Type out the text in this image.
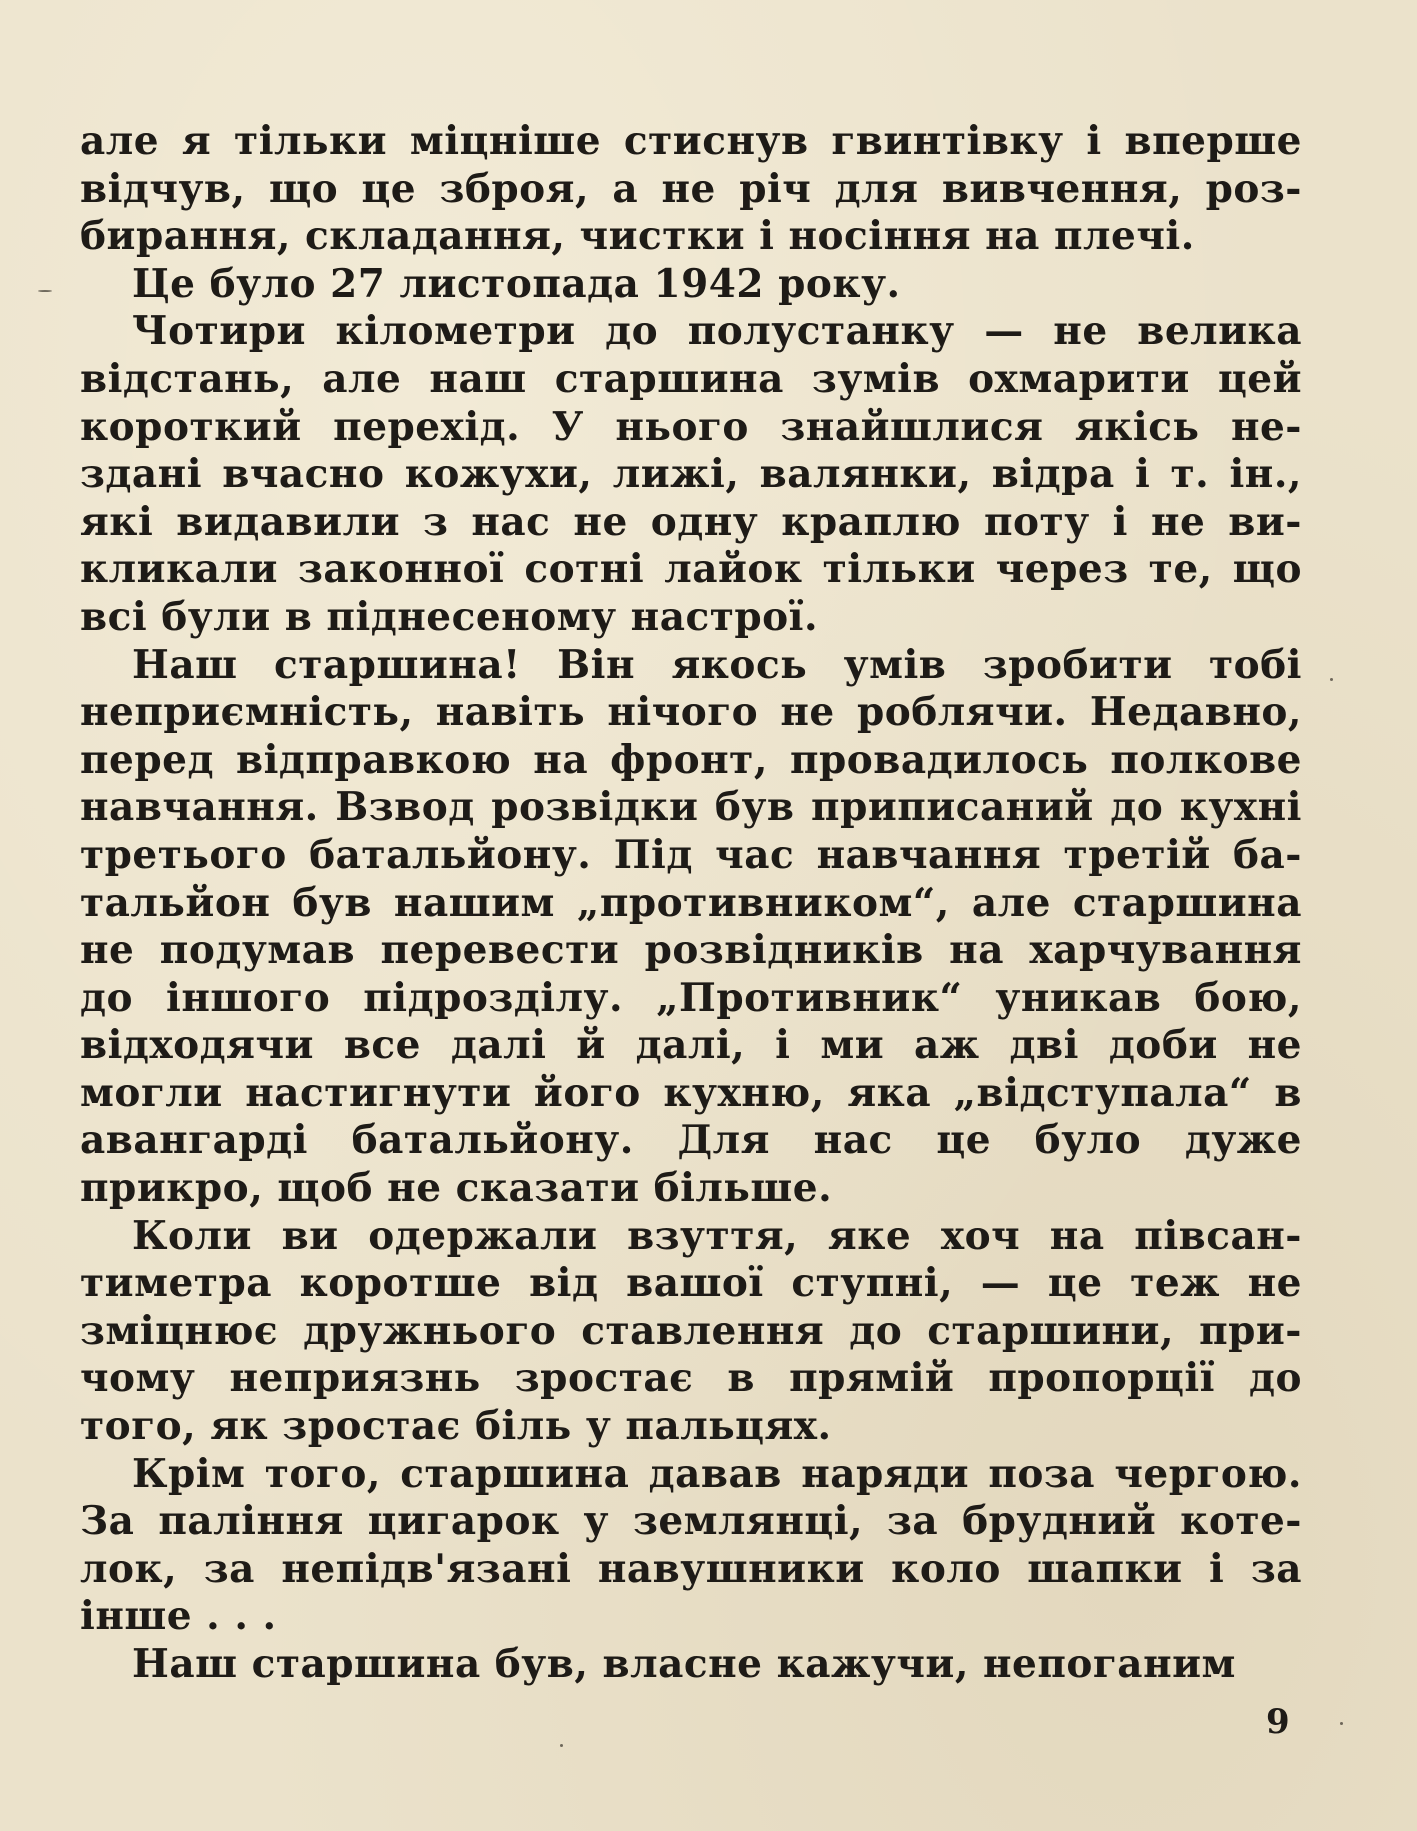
але я тільки міцніше стиснув гвинтівку і вперше
відчув, що це зброя, а не річ для вивчення, роз-
бирання, складання, чистки і носіння на плечі.
Це було 27 листопада 1942 року.
Чотири кілометри до полустанку — не велика
відстань, але наш старшина зумів охмарити цей
короткий перехід. У нього знайшлися якісь не-
здані вчасно кожухи, лижі, валянки, відра і т. ін.,
які видавили з нас не одну краплю поту і не ви-
кликали законної сотні лайок тільки через те, що
всі були в піднесеному настрої.
Наш старшина! Він якось умів зробити тобі
неприємність, навіть нічого не роблячи. Недавно,
перед відправкою на фронт, провадилось полкове
навчання. Взвод розвідки був приписаний до кухні
третього батальйону. Під час навчання третій ба-
тальйон був нашим „противником“, але старшина
не подумав перевести розвідників на харчування
до іншого підрозділу. „Противник“ уникав бою,
відходячи все далі й далі, і ми аж дві доби не
могли настигнути його кухню, яка „відступала“ в
авангарді батальйону. Для нас це було дуже
прикро, щоб не сказати більше.
Коли ви одержали взуття, яке хоч на півсан-
тиметра коротше від вашої ступні, — це теж не
зміцнює дружнього ставлення до старшини, при-
чому неприязнь зростає в прямій пропорції до
того, як зростає біль у пальцях.
Крім того, старшина давав наряди поза чергою.
За паління цигарок у землянці, за брудний коте-
лок, за непідв'язані навушники коло шапки і за
інше . . .
Наш старшина був, власне кажучи, непоганим
9
